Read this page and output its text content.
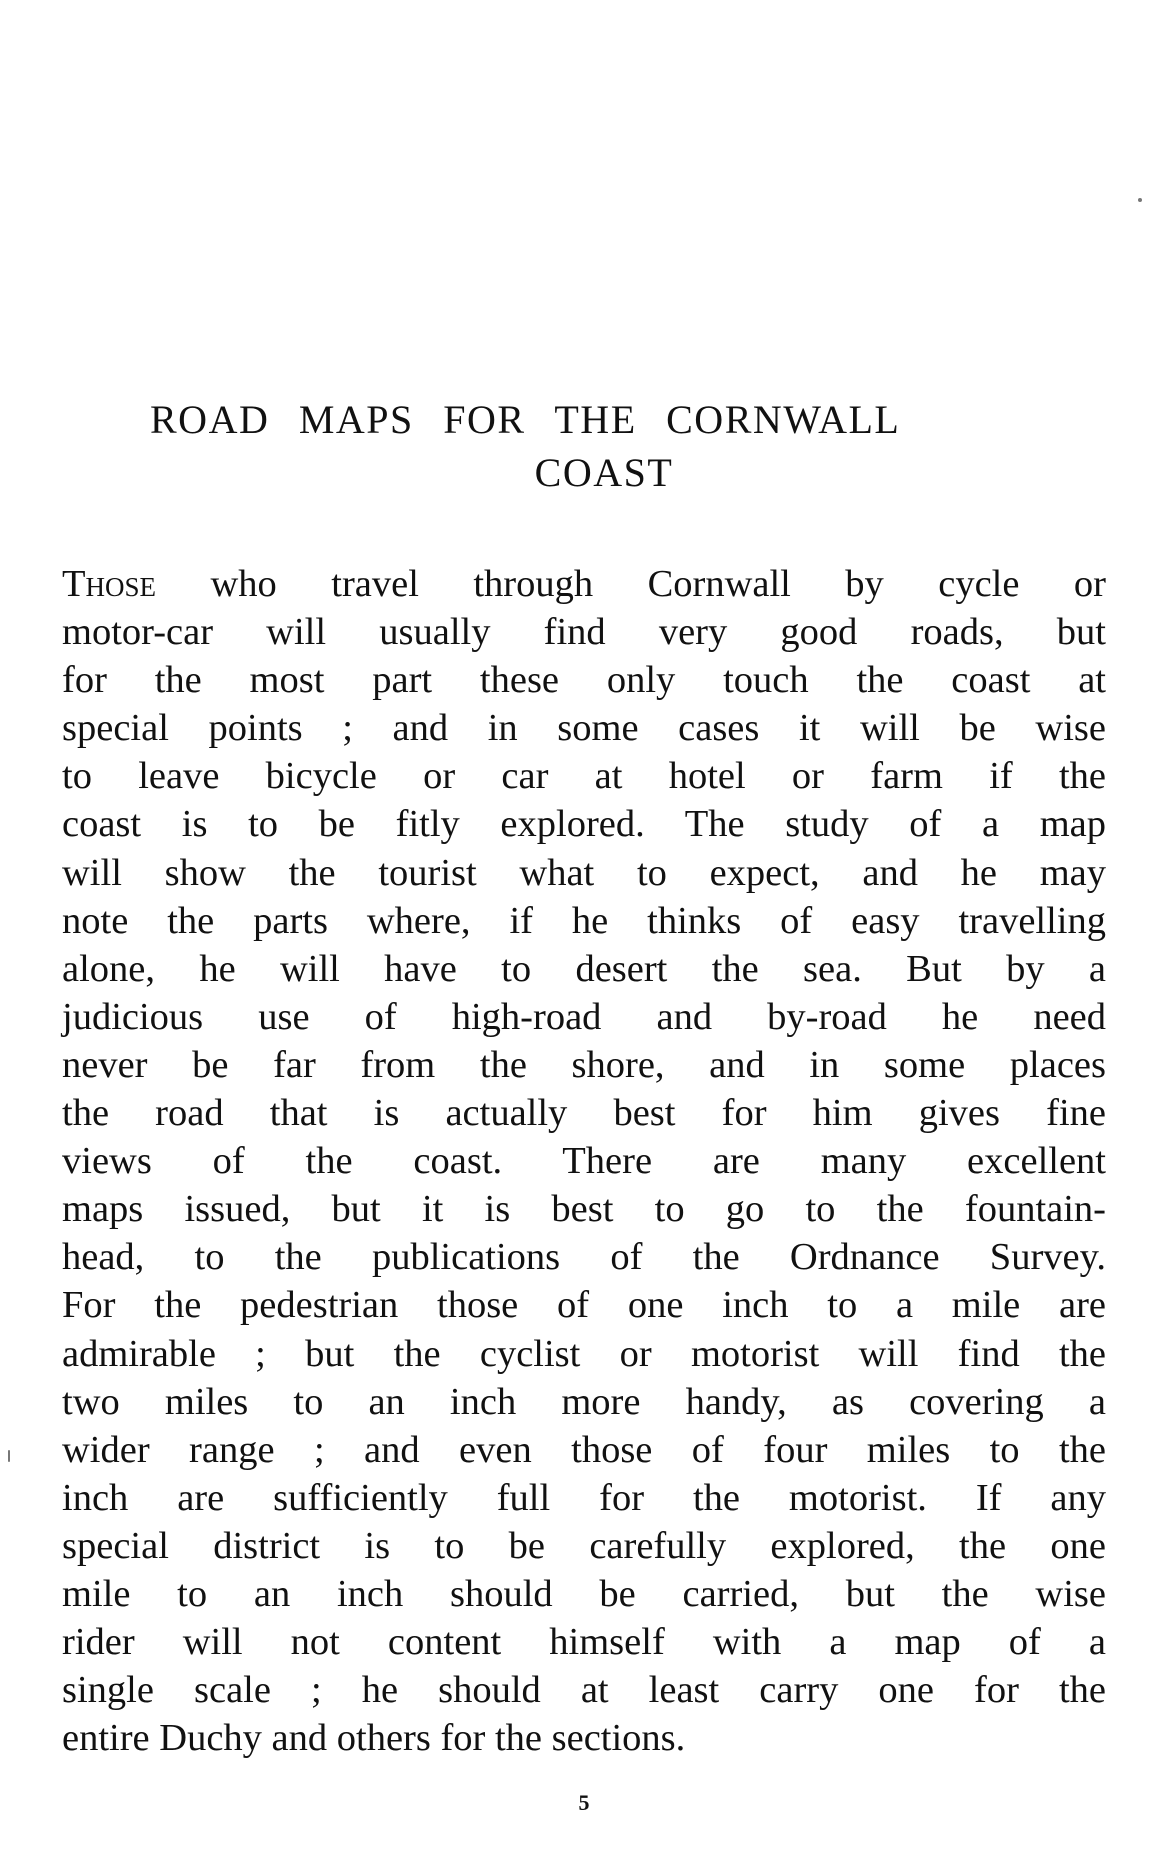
ROAD MAPS FOR THE CORNWALL
COAST
Those who travel through Cornwall by cycle or
motor-car will usually find very good roads, but
for the most part these only touch the coast at
special points ; and in some cases it will be wise
to leave bicycle or car at hotel or farm if the
coast is to be fitly explored. The study of a map
will show the tourist what to expect, and he may
note the parts where, if he thinks of easy travelling
alone, he will have to desert the sea. But by a
judicious use of high-road and by-road he need
never be far from the shore, and in some places
the road that is actually best for him gives fine
views of the coast. There are many excellent
maps issued, but it is best to go to the fountain-
head, to the publications of the Ordnance Survey.
For the pedestrian those of one inch to a mile are
admirable ; but the cyclist or motorist will find the
two miles to an inch more handy, as covering a
wider range ; and even those of four miles to the
inch are sufficiently full for the motorist. If any
special district is to be carefully explored, the one
mile to an inch should be carried, but the wise
rider will not content himself with a map of a
single scale ; he should at least carry one for the
entire Duchy and others for the sections.
5
